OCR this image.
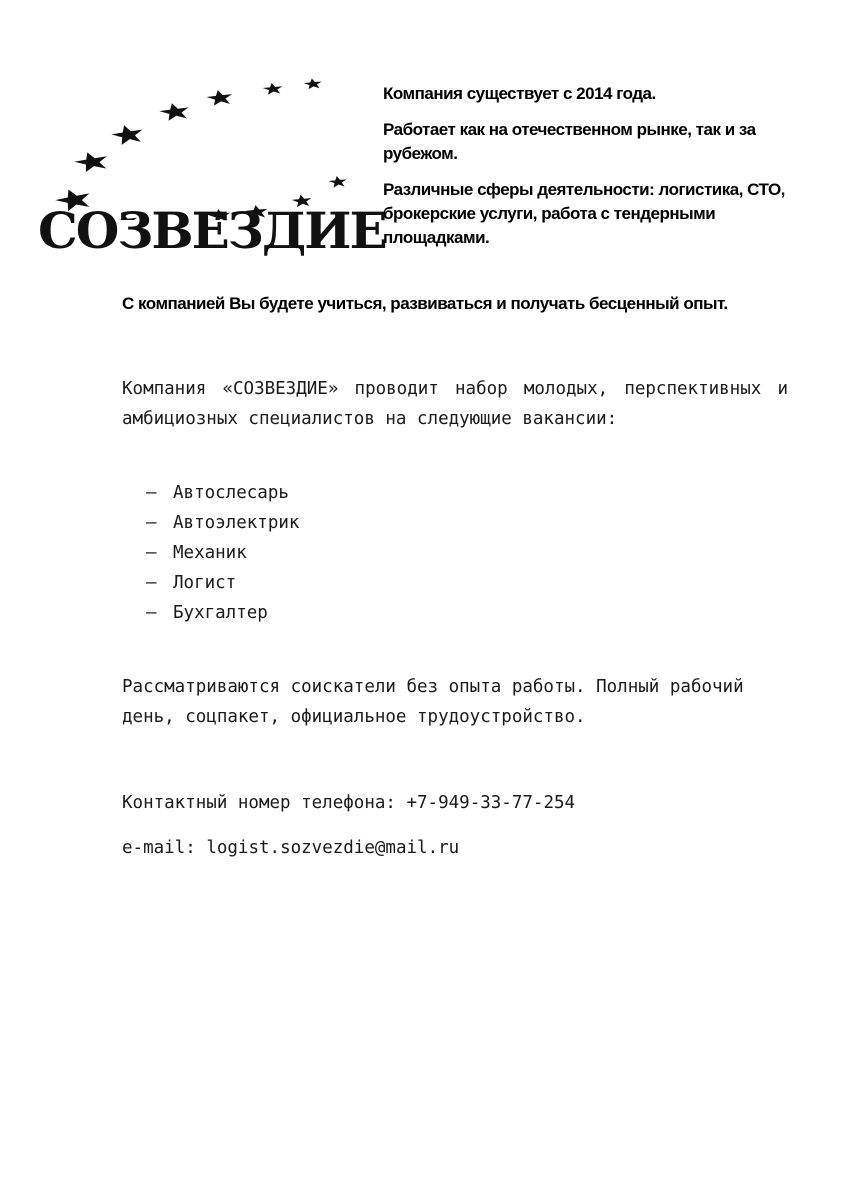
СОЗВЕЗДИЕ

Компания существует с 2014 года.

Работает как на отечественном рынке, так и за рубежом.

Различные сферы деятельности: логистика, СТО, брокерские услуги, работа с тендерными площадками.

С компанией Вы будете учиться, развиваться и получать бесценный опыт.
Компания «СОЗВЕЗДИЕ» проводит набор молодых, перспективных и амбициозных специалистов на следующие вакансии:
– Автослесарь
– Автоэлектрик
– Механик
– Логист
– Бухгалтер
Рассматриваются соискатели без опыта работы. Полный рабочий день, соцпакет, официальное трудоустройство.
Контактный номер телефона: +7-949-33-77-254
e-mail: logist.sozvezdie@mail.ru
